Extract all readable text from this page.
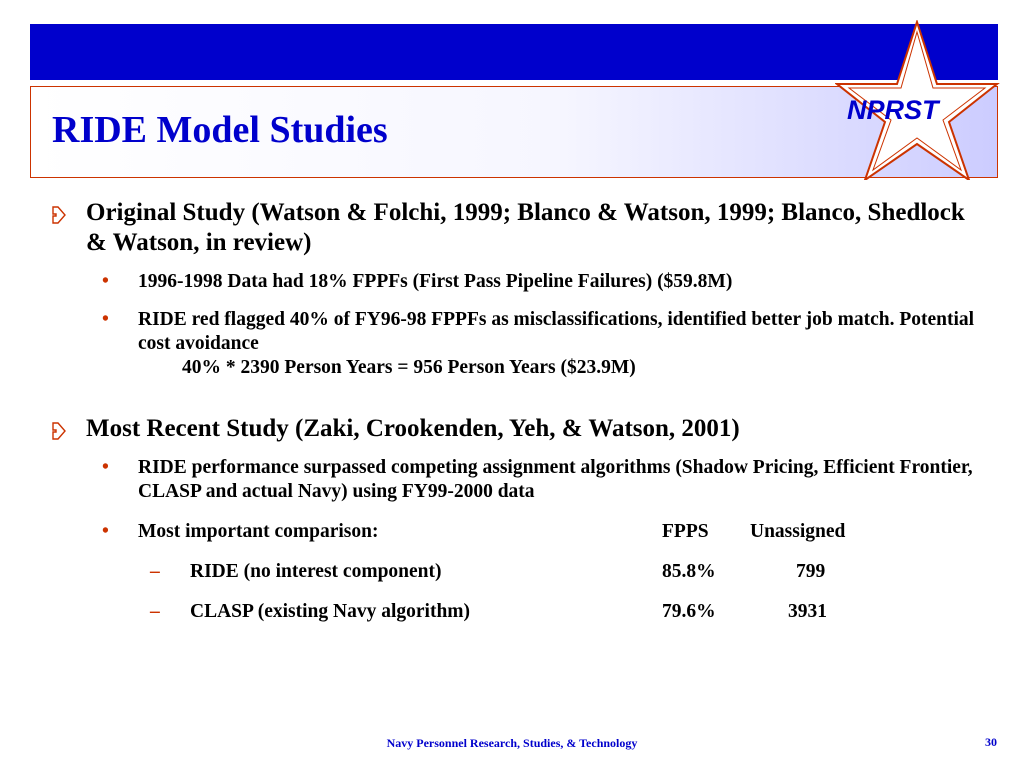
NPRST
RIDE Model Studies
Original Study (Watson & Folchi, 1999; Blanco & Watson, 1999; Blanco, Shedlock & Watson, in review)
• 1996-1998 Data had 18% FPPFs (First Pass Pipeline Failures) ($59.8M)
• RIDE red flagged 40% of FY96-98 FPPFs as misclassifications, identified better job match. Potential cost avoidance
40% * 2390 Person Years = 956 Person Years ($23.9M)
Most Recent Study (Zaki, Crookenden, Yeh, & Watson, 2001)
• RIDE performance surpassed competing assignment algorithms (Shadow Pricing, Efficient Frontier, CLASP and actual Navy) using FY99-2000 data
• Most important comparison:	FPPS Unassigned
– RIDE (no interest component)	85.8%	799
– CLASP (existing Navy algorithm)	79.6%	3931
Navy Personnel Research, Studies, & Technology	30
